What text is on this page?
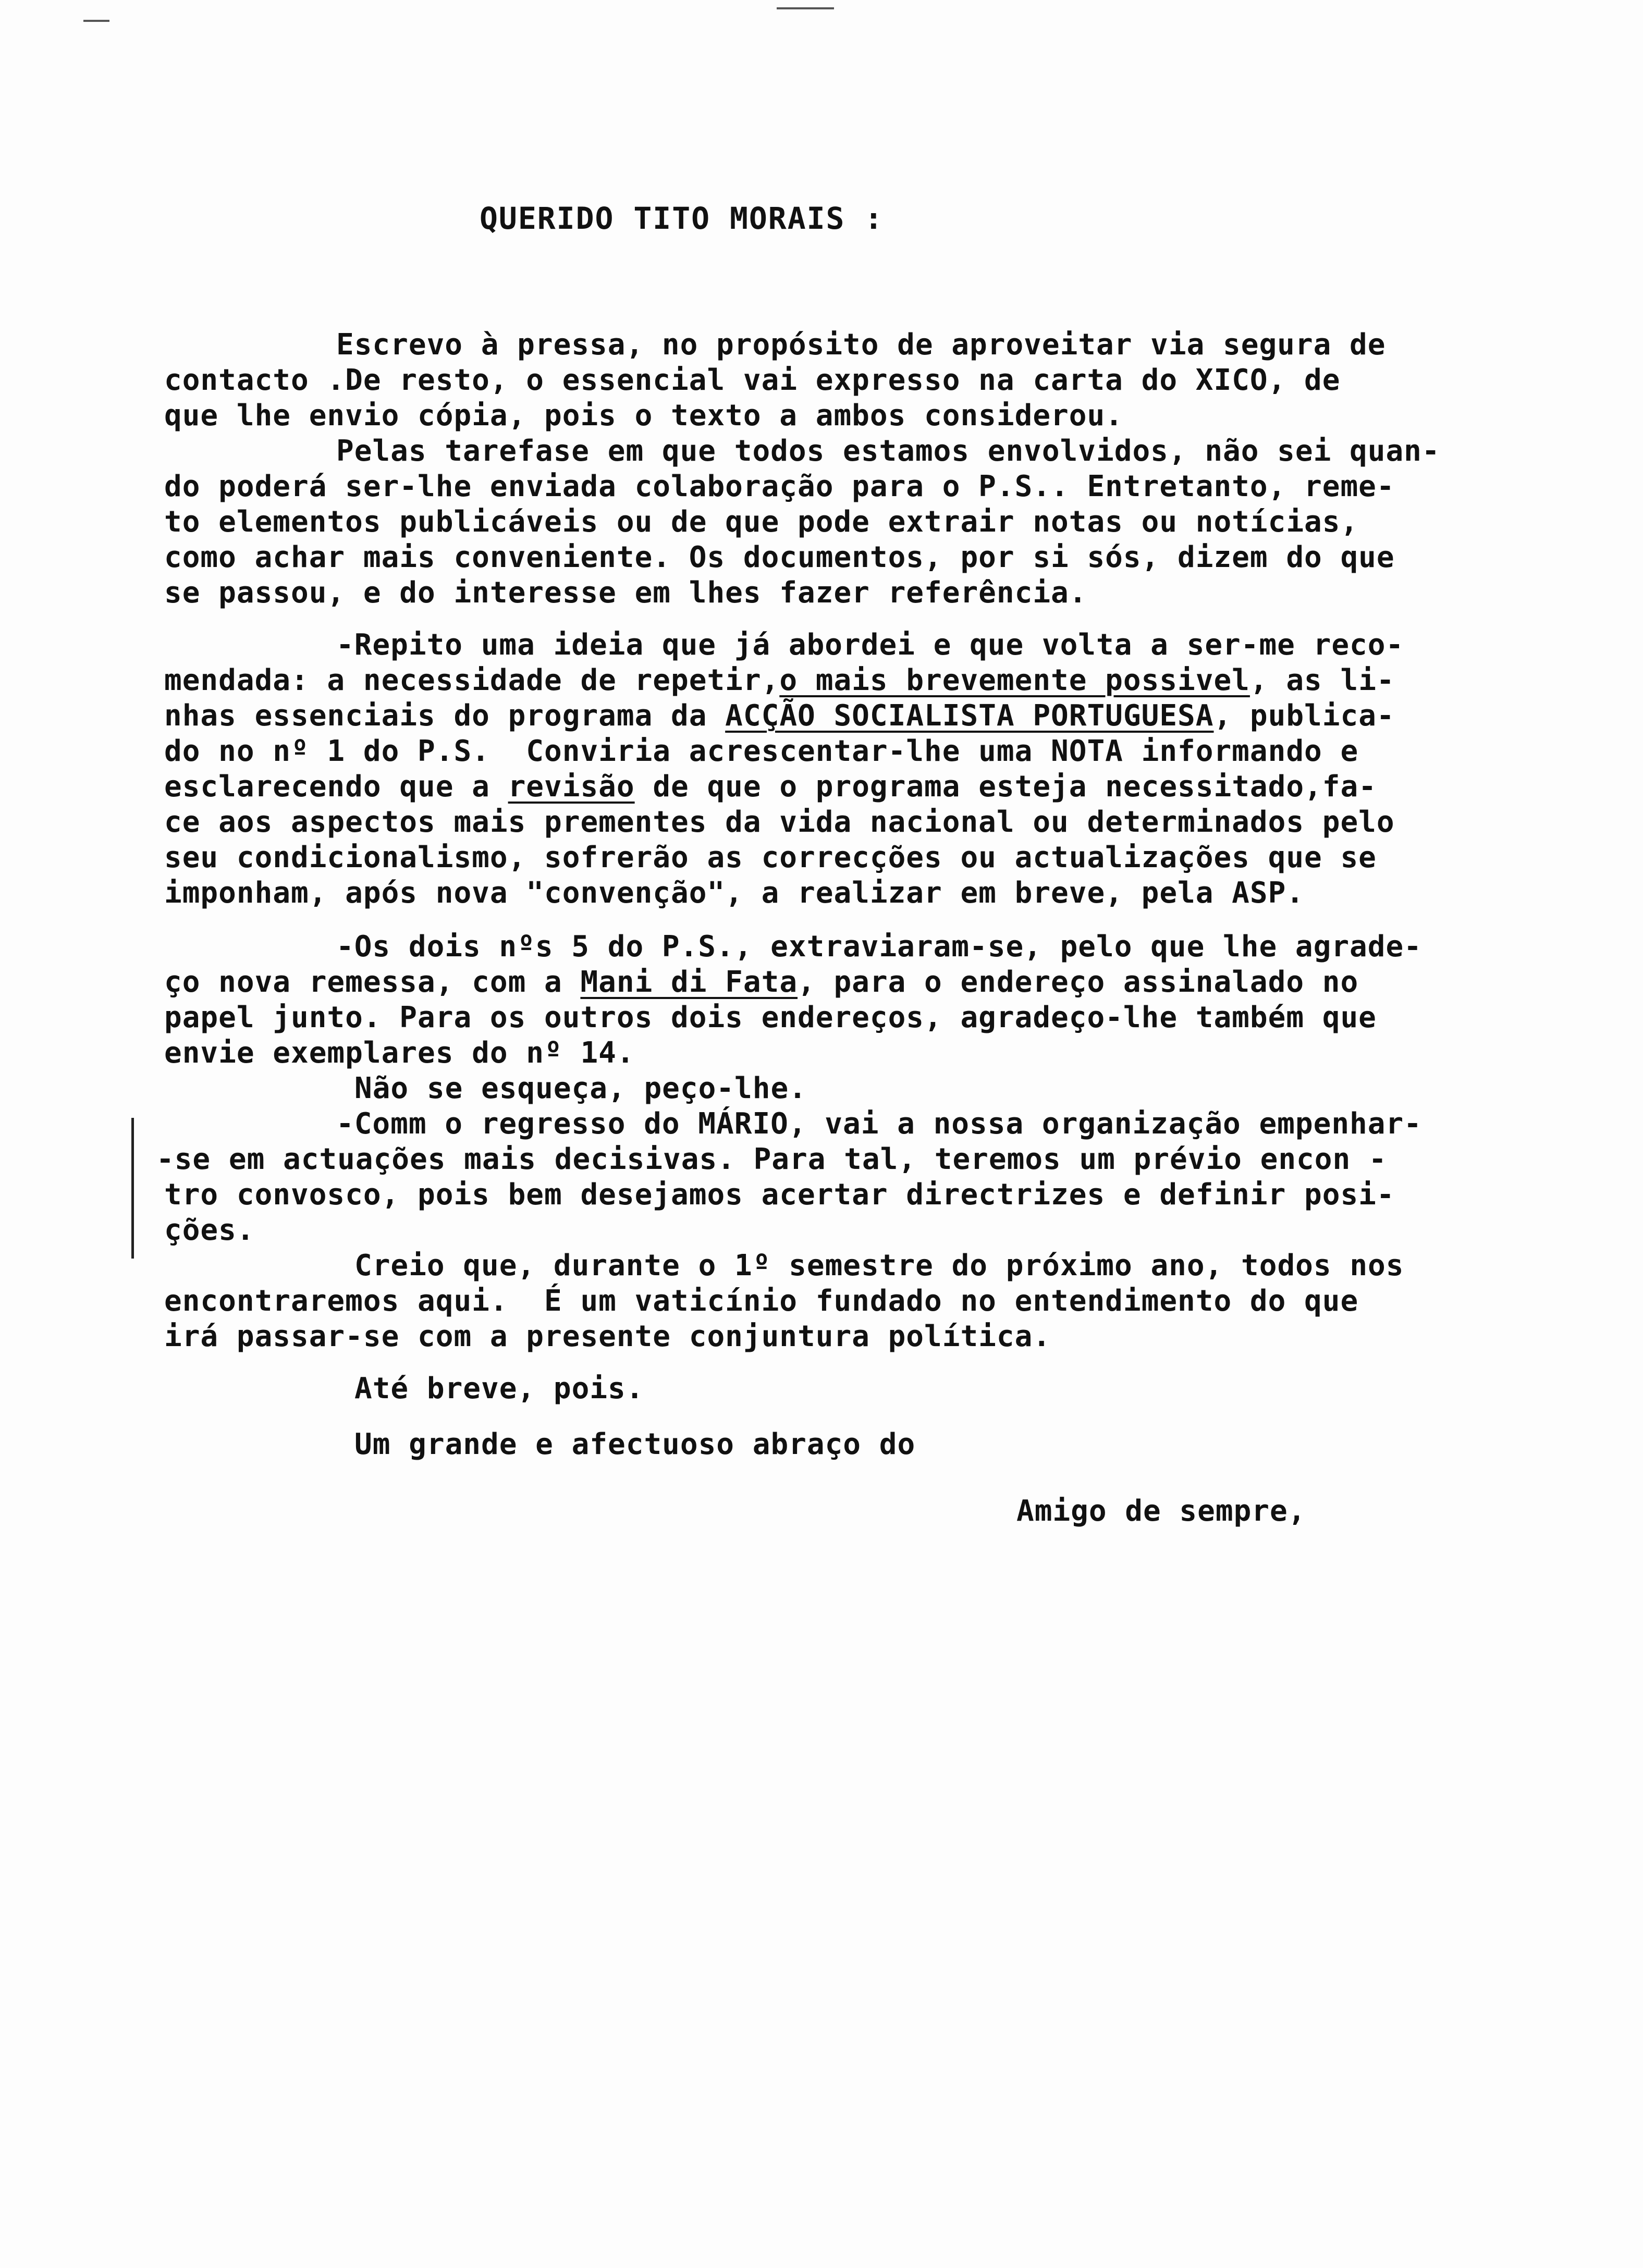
QUERIDO TITO MORAIS :
Escrevo à pressa, no propósito de aproveitar via segura de
contacto .De resto, o essencial vai expresso na carta do XICO, de
que lhe envio cópia, pois o texto a ambos considerou.
Pelas tarefase em que todos estamos envolvidos, não sei quan-
do poderá ser-lhe enviada colaboração para o P.S.. Entretanto, reme-
to elementos publicáveis ou de que pode extrair notas ou notícias,
como achar mais conveniente. Os documentos, por si sós, dizem do que
se passou, e do interesse em lhes fazer referência.
-Repito uma ideia que já abordei e que volta a ser-me reco-
mendada: a necessidade de repetir,o mais brevemente possivel, as li-
nhas essenciais do programa da ACÇÃO SOCIALISTA PORTUGUESA, publica-
do no nº 1 do P.S.  Conviria acrescentar-lhe uma NOTA informando e
esclarecendo que a revisão de que o programa esteja necessitado,fa-
ce aos aspectos mais prementes da vida nacional ou determinados pelo
seu condicionalismo, sofrerão as correcções ou actualizações que se
imponham, após nova "convenção", a realizar em breve, pela ASP.
-Os dois nºs 5 do P.S., extraviaram-se, pelo que lhe agrade-
ço nova remessa, com a Mani di Fata, para o endereço assinalado no
papel junto. Para os outros dois endereços, agradeço-lhe também que
envie exemplares do nº 14.
Não se esqueça, peço-lhe.
-Comm o regresso do MÁRIO, vai a nossa organização empenhar-
-se em actuações mais decisivas. Para tal, teremos um prévio encon -
tro convosco, pois bem desejamos acertar directrizes e definir posi-
ções.
Creio que, durante o 1º semestre do próximo ano, todos nos
encontraremos aqui.  É um vaticínio fundado no entendimento do que
irá passar-se com a presente conjuntura política.
Até breve, pois.
Um grande e afectuoso abraço do
Amigo de sempre,
